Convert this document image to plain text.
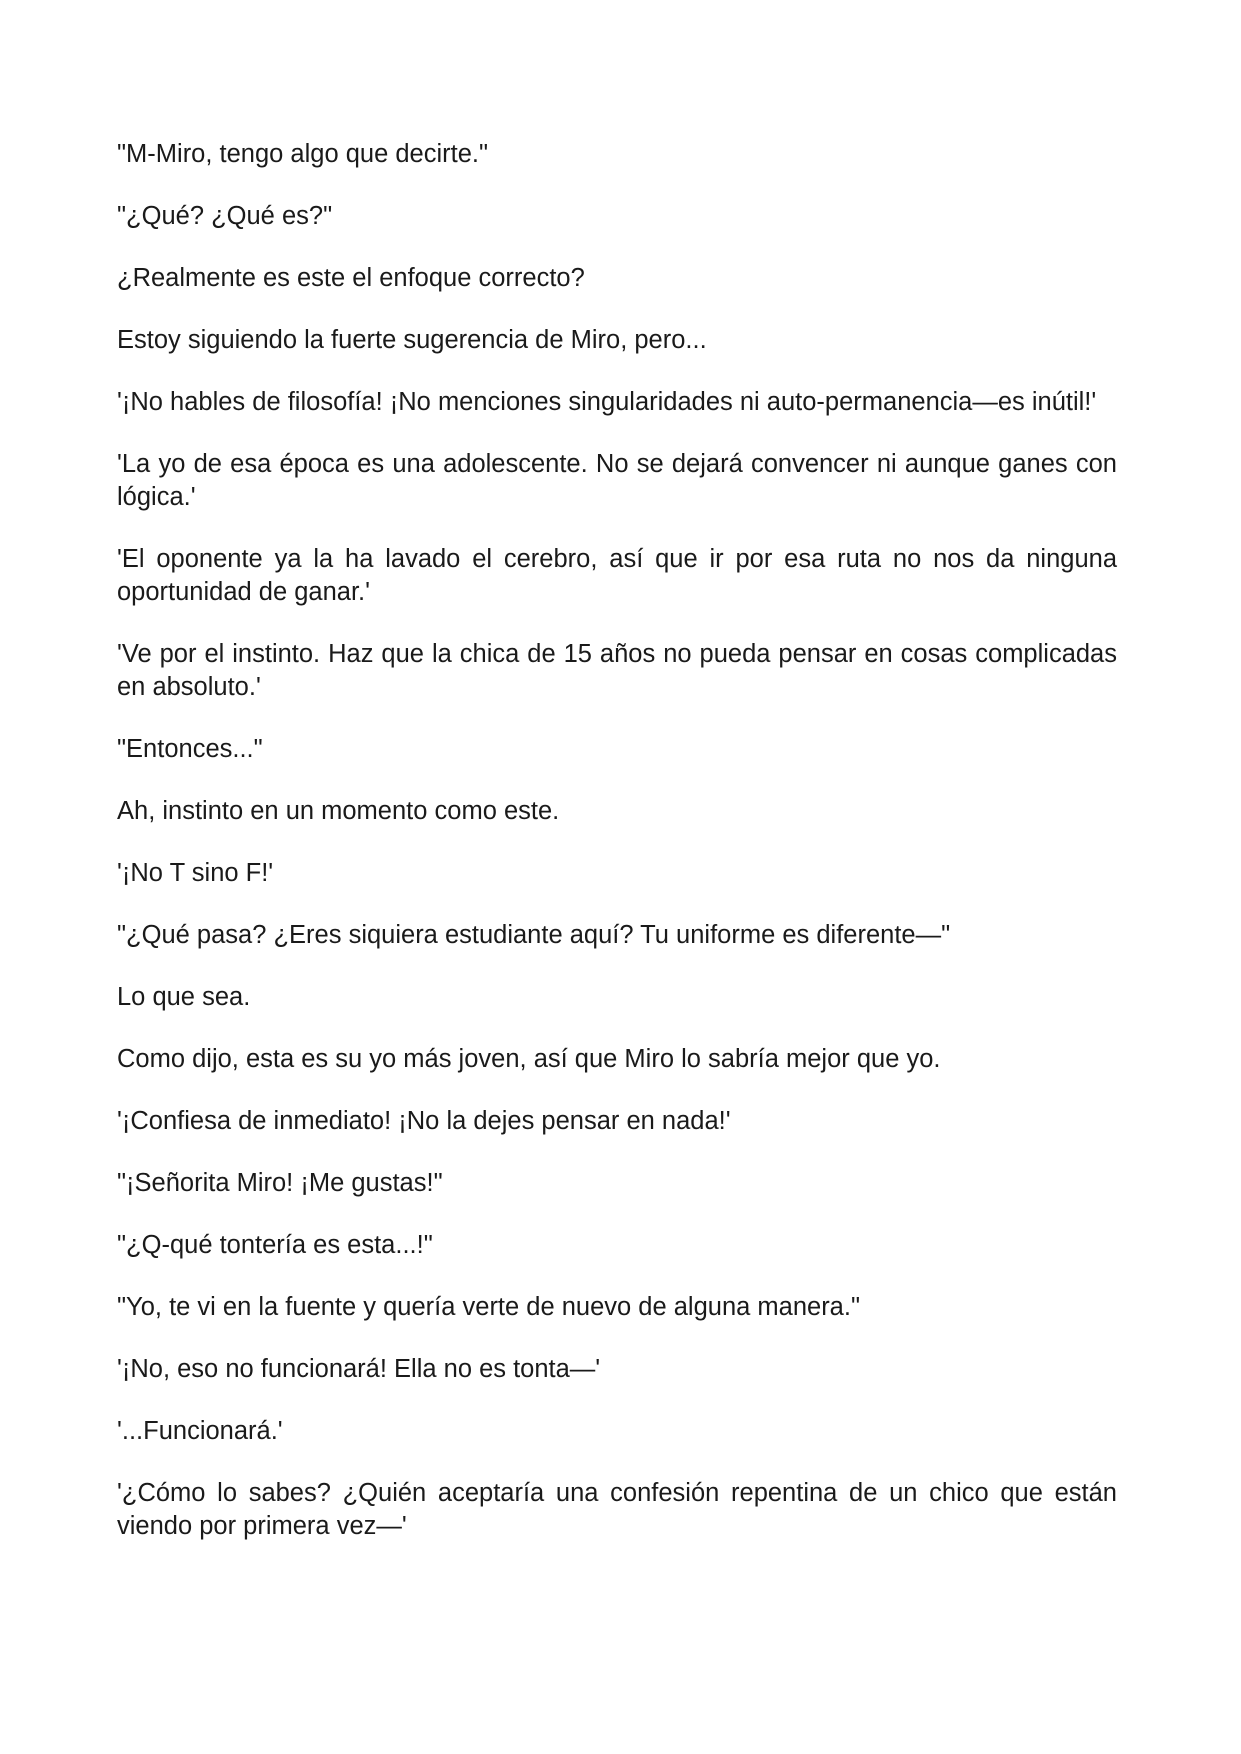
"M-Miro, tengo algo que decirte."

"¿Qué? ¿Qué es?"

¿Realmente es este el enfoque correcto?

Estoy siguiendo la fuerte sugerencia de Miro, pero...

'¡No hables de filosofía! ¡No menciones singularidades ni auto-permanencia—es inútil!'

'La yo de esa época es una adolescente. No se dejará convencer ni aunque ganes con lógica.'

'El oponente ya la ha lavado el cerebro, así que ir por esa ruta no nos da ninguna oportunidad de ganar.'

'Ve por el instinto. Haz que la chica de 15 años no pueda pensar en cosas complicadas en absoluto.'

"Entonces..."

Ah, instinto en un momento como este.

'¡No T sino F!'

"¿Qué pasa? ¿Eres siquiera estudiante aquí? Tu uniforme es diferente—"

Lo que sea.

Como dijo, esta es su yo más joven, así que Miro lo sabría mejor que yo.

'¡Confiesa de inmediato! ¡No la dejes pensar en nada!'

"¡Señorita Miro! ¡Me gustas!"

"¿Q-qué tontería es esta...!"

"Yo, te vi en la fuente y quería verte de nuevo de alguna manera."

'¡No, eso no funcionará! Ella no es tonta—'

'...Funcionará.'

'¿Cómo lo sabes? ¿Quién aceptaría una confesión repentina de un chico que están viendo por primera vez—'
